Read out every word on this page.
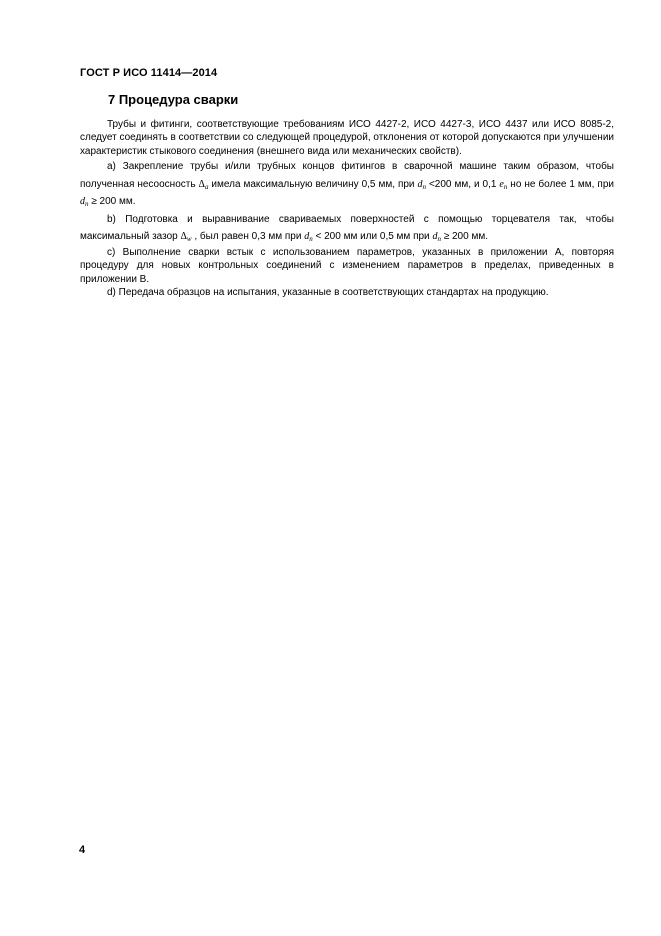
ГОСТ Р ИСО 11414—2014
7 Процедура сварки

Трубы и фитинги, соответствующие требованиям ИСО 4427-2, ИСО 4427-3, ИСО 4437 или ИСО 8085-2, следует соединять в соответствии со следующей процедурой, отклонения от которой допускаются при улучшении характеристик стыкового соединения (внешнего вида или механических свойств).

а) Закрепление трубы и/или трубных концов фитингов в сварочной машине таким образом, чтобы полученная несоосность $\Delta_a$ имела максимальную величину 0,5 мм, при $d_n <200$ мм, и 0,1 $e_n$ но не более 1 мм, при $d_n \ge 200$ мм.

b) Подготовка и выравнивание свариваемых поверхностей с помощью торцевателя так, чтобы максимальный зазор $\Delta_w$ , был равен 0,3 мм при $d_n < 200$ мм или 0,5 мм при $d_n \ge 200$ мм.

c) Выполнение сварки встык с использованием параметров, указанных в приложении А, повторяя процедуру для новых контрольных соединений с изменением параметров в пределах, приведенных в приложении В.

d) Передача образцов на испытания, указанные в соответствующих стандартах на продукцию.

4
